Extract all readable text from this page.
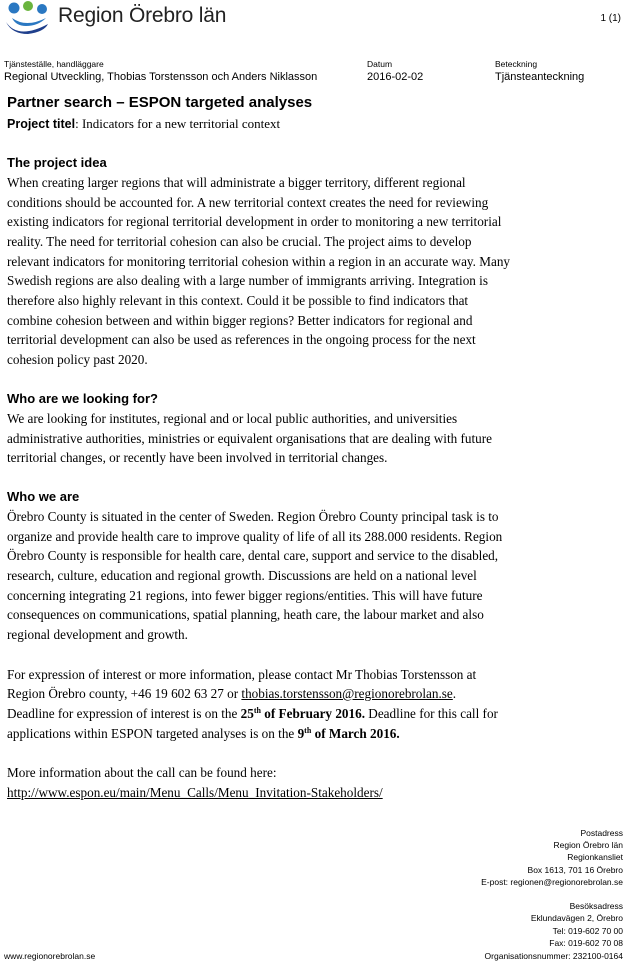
Region Örebro län	1 (1)
Tjänsteställe, handläggare
Regional Utveckling, Thobias Torstensson och Anders Niklasson
Datum
2016-02-02
Beteckning
Tjänsteanteckning
Partner search – ESPON targeted analyses
Project titel: Indicators for a new territorial context
The project idea
When creating larger regions that will administrate a bigger territory, different regional
conditions should be accounted for. A new territorial context creates the need for reviewing
existing indicators for regional territorial development in order to monitoring a new territorial
reality. The need for territorial cohesion can also be crucial. The project aims to develop
relevant indicators for monitoring territorial cohesion within a region in an accurate way. Many
Swedish regions are also dealing with a large number of immigrants arriving. Integration is
therefore also highly relevant in this context. Could it be possible to find indicators that
combine cohesion between and within bigger regions? Better indicators for regional and
territorial development can also be used as references in the ongoing process for the next
cohesion policy past 2020.
Who are we looking for?
We are looking for institutes, regional and or local public authorities, and universities
administrative authorities, ministries or equivalent organisations that are dealing with future
territorial changes, or recently have been involved in territorial changes.
Who we are
Örebro County is situated in the center of Sweden. Region Örebro County principal task is to
organize and provide health care to improve quality of life of all its 288.000 residents. Region
Örebro County is responsible for health care, dental care, support and service to the disabled,
research, culture, education and regional growth. Discussions are held on a national level
concerning integrating 21 regions, into fewer bigger regions/entities. This will have future
consequences on communications, spatial planning, heath care, the labour market and also
regional development and growth.
For expression of interest or more information, please contact Mr Thobias Torstensson at
Region Örebro county, +46 19 602 63 27 or thobias.torstensson@regionorebrolan.se.
Deadline for expression of interest is on the 25th of February 2016. Deadline for this call for
applications within ESPON targeted analyses is on the 9th of March 2016.
More information about the call can be found here:
http://www.espon.eu/main/Menu_Calls/Menu_Invitation-Stakeholders/
Postadress
Region Örebro län
Regionkansliet
Box 1613, 701 16 Örebro
E-post: regionen@regionorebrolan.se
Besöksadress
Eklundavägen 2, Örebro
Tel: 019-602 70 00
Fax: 019-602 70 08
Organisationsnummer: 232100-0164
www.regionorebrolan.se
